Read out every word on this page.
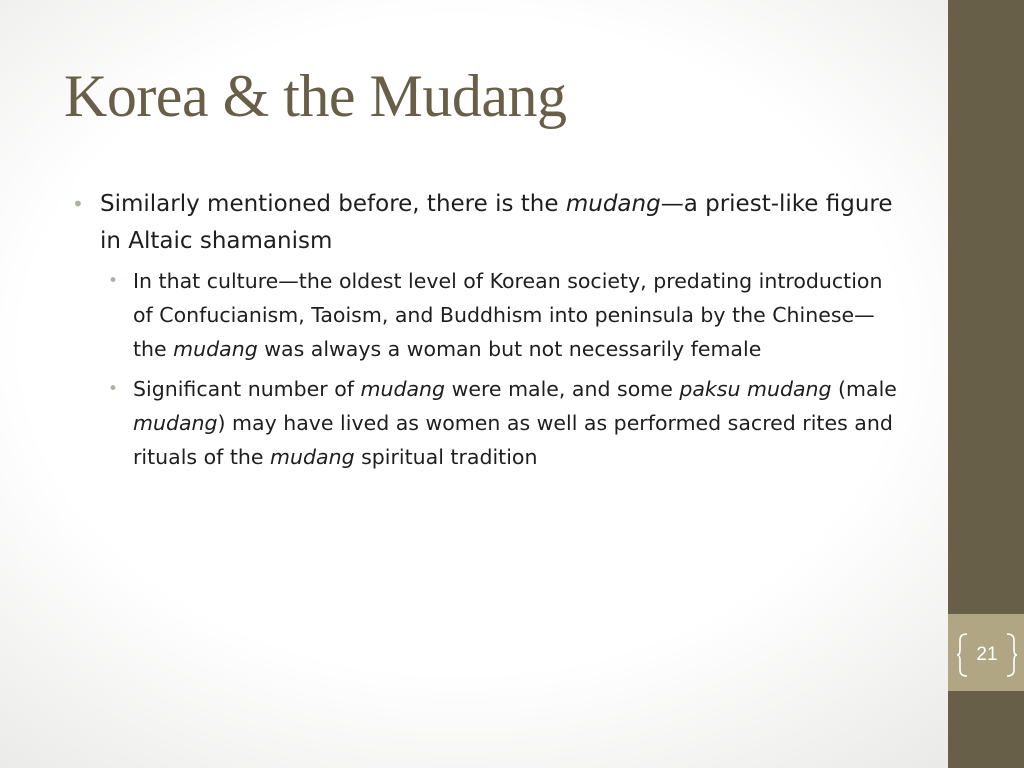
Korea & the Mudang
• Similarly mentioned before, there is the mudang—a priest-like figure in Altaic shamanism
• In that culture—the oldest level of Korean society, predating introduction of Confucianism, Taoism, and Buddhism into peninsula by the Chinese—the mudang was always a woman but not necessarily female
• Significant number of mudang were male, and some paksu mudang (male mudang) may have lived as women as well as performed sacred rites and rituals of the mudang spiritual tradition
21
